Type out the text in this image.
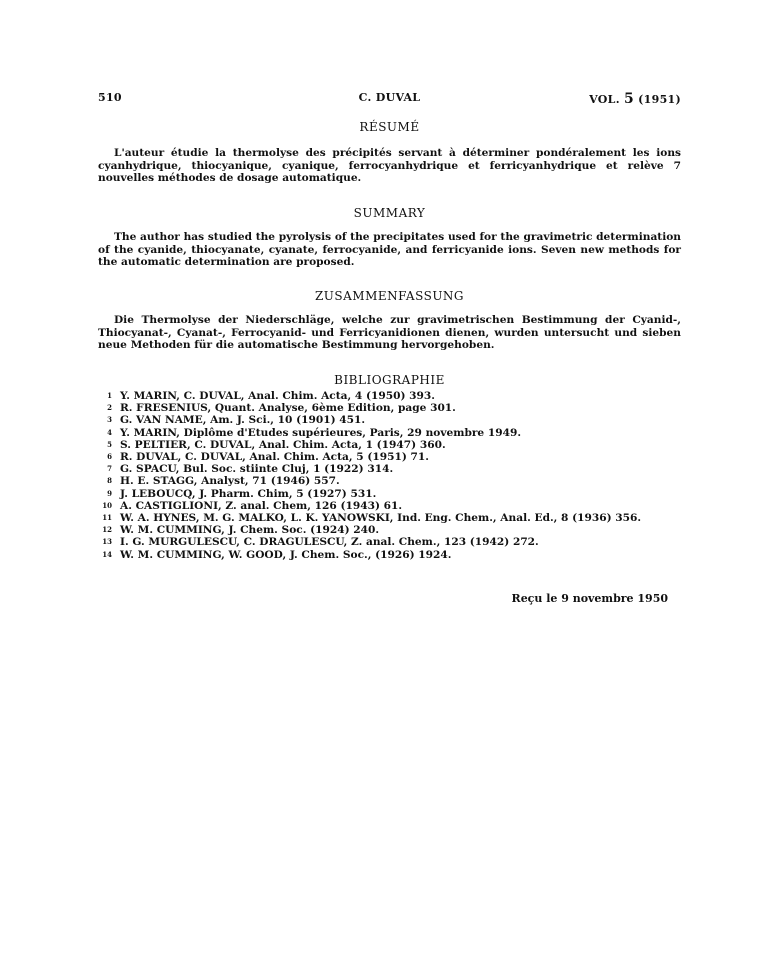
510	C. DUVAL	VOL. 5 (1951)
RÉSUMÉ
L'auteur étudie la thermolyse des précipités servant à déterminer pondéralement les ions cyanhydrique, thiocyanique, cyanique, ferrocyanhydrique et ferricyanhydrique et relève 7 nouvelles méthodes de dosage automatique.
SUMMARY
The author has studied the pyrolysis of the precipitates used for the gravimetric determination of the cyanide, thiocyanate, cyanate, ferrocyanide, and ferricyanide ions. Seven new methods for the automatic determination are proposed.
ZUSAMMENFASSUNG
Die Thermolyse der Niederschläge, welche zur gravimetrischen Bestimmung der Cyanid-, Thiocyanat-, Cyanat-, Ferrocyanid- und Ferricyanidionen dienen, wurden untersucht und sieben neue Methoden für die automatische Bestimmung hervorgehoben.
BIBLIOGRAPHIE
1 Y. MARIN, C. DUVAL, Anal. Chim. Acta, 4 (1950) 393.
2 R. FRESENIUS, Quant. Analyse, 6ème Edition, page 301.
3 G. VAN NAME, Am. J. Sci., 10 (1901) 451.
4 Y. MARIN, Diplôme d'Etudes supérieures, Paris, 29 novembre 1949.
5 S. PELTIER, C. DUVAL, Anal. Chim. Acta, 1 (1947) 360.
6 R. DUVAL, C. DUVAL, Anal. Chim. Acta, 5 (1951) 71.
7 G. SPACU, Bul. Soc. stiinte Cluj, 1 (1922) 314.
8 H. E. STAGG, Analyst, 71 (1946) 557.
9 J. LEBOUCQ, J. Pharm. Chim, 5 (1927) 531.
10 A. CASTIGLIONI, Z. anal. Chem, 126 (1943) 61.
11 W. A. HYNES, M. G. MALKO, L. K. YANOWSKI, Ind. Eng. Chem., Anal. Ed., 8 (1936) 356.
12 W. M. CUMMING, J. Chem. Soc. (1924) 240.
13 I. G. MURGULESCU, C. DRAGULESCU, Z. anal. Chem., 123 (1942) 272.
14 W. M. CUMMING, W. GOOD, J. Chem. Soc., (1926) 1924.
Reçu le 9 novembre 1950
